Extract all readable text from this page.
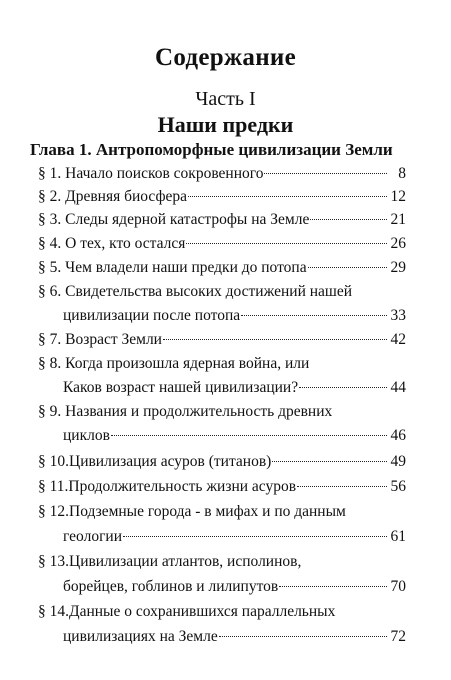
Содержание
Часть I
Наши предки
Глава 1. Антропоморфные цивилизации Земли
§ 1. Начало поисков сокровенного	8
§ 2. Древняя биосфера	12
§ 3. Следы ядерной катастрофы на Земле	21
§ 4. О тех, кто остался	26
§ 5. Чем владели наши предки до потопа	29
§ 6. Свидетельства высоких достижений нашей
цивилизации после потопа	33
§ 7. Возраст Земли	42
§ 8. Когда произошла ядерная война, или
Каков возраст нашей цивилизации?	44
§ 9. Названия и продолжительность древних
циклов	46
§ 10.Цивилизация асуров (титанов)	49
§ 11.Продолжительность жизни асуров	56
§ 12.Подземные города - в мифах и по данным
геологии	61
§ 13.Цивилизации атлантов, исполинов,
борейцев, гоблинов и лилипутов	70
§ 14.Данные о сохранившихся параллельных
цивилизациях на Земле	72
